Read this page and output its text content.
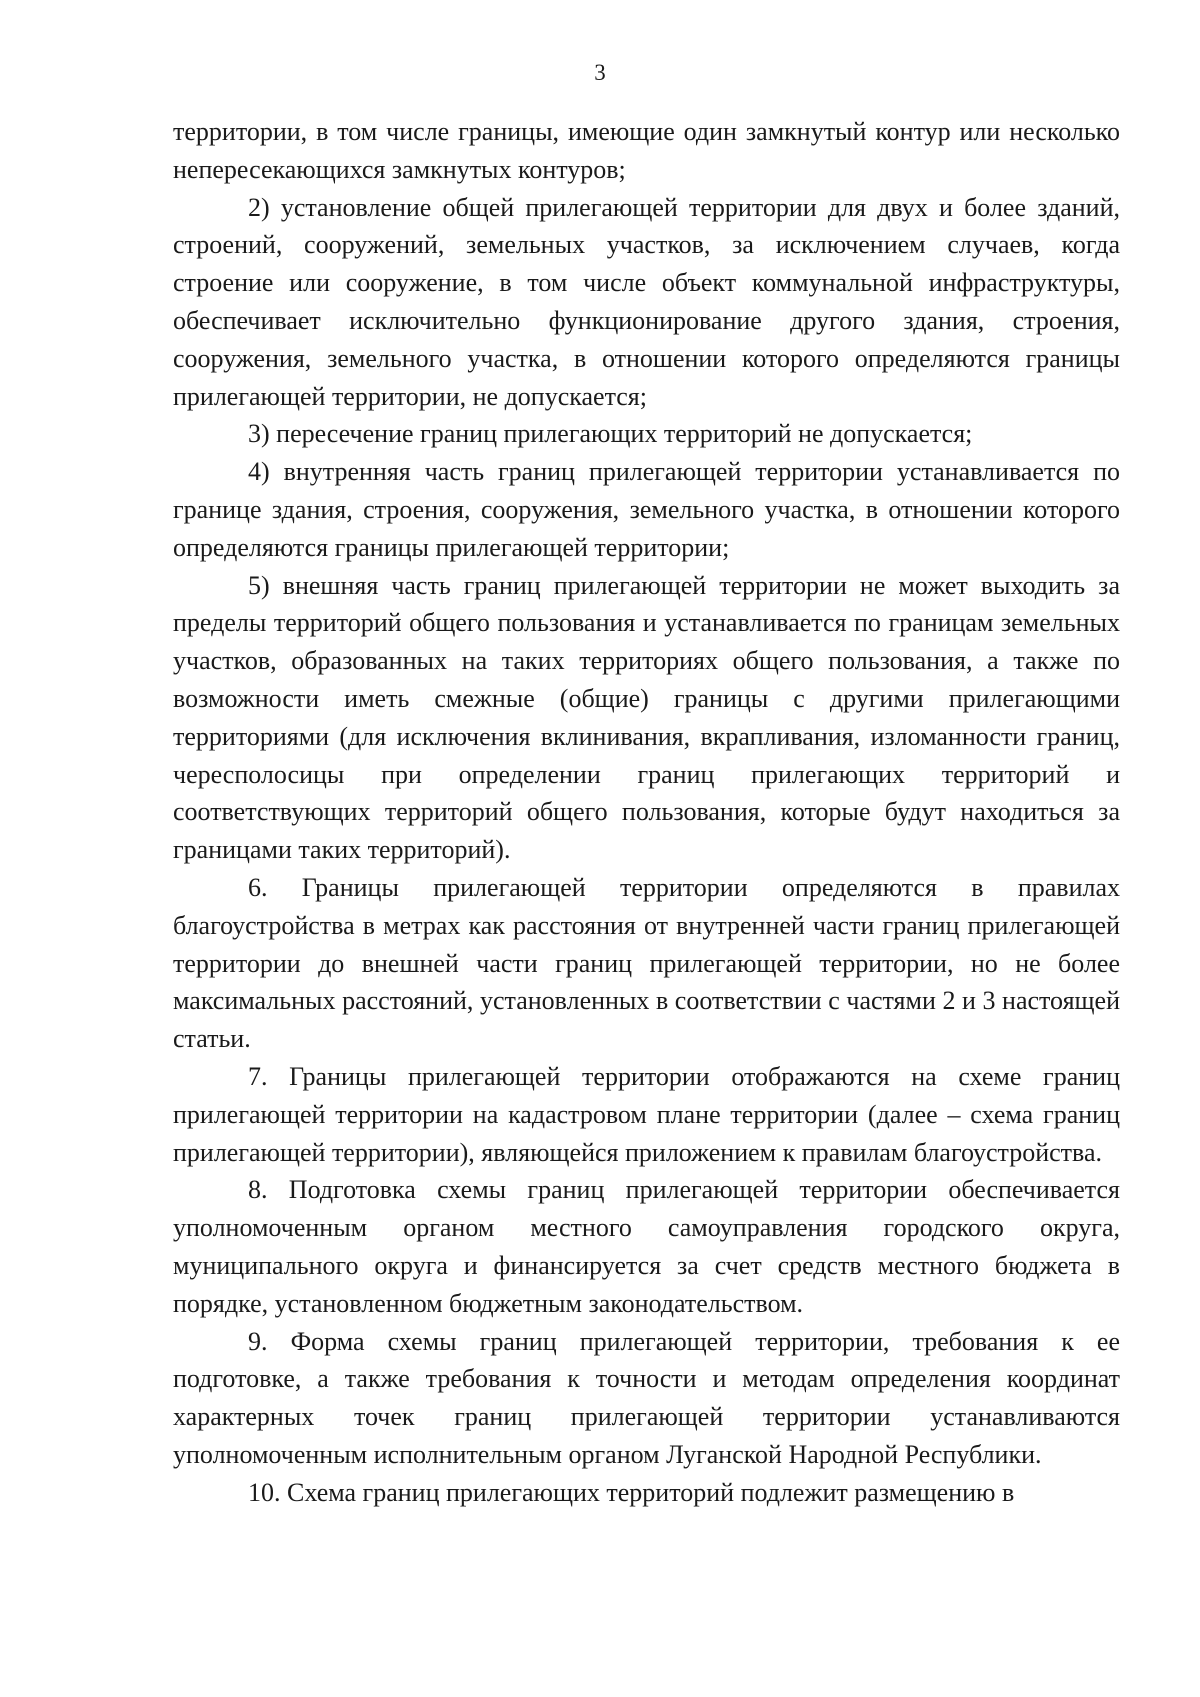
3

территории, в том числе границы, имеющие один замкнутый контур или несколько непересекающихся замкнутых контуров;

2) установление общей прилегающей территории для двух и более зданий, строений, сооружений, земельных участков, за исключением случаев, когда строение или сооружение, в том числе объект коммунальной инфраструктуры, обеспечивает исключительно функционирование другого здания, строения, сооружения, земельного участка, в отношении которого определяются границы прилегающей территории, не допускается;

3) пересечение границ прилегающих территорий не допускается;

4) внутренняя часть границ прилегающей территории устанавливается по границе здания, строения, сооружения, земельного участка, в отношении которого определяются границы прилегающей территории;

5) внешняя часть границ прилегающей территории не может выходить за пределы территорий общего пользования и устанавливается по границам земельных участков, образованных на таких территориях общего пользования, а также по возможности иметь смежные (общие) границы с другими прилегающими территориями (для исключения вклинивания, вкрапливания, изломанности границ, чересполосицы при определении границ прилегающих территорий и соответствующих территорий общего пользования, которые будут находиться за границами таких территорий).

6. Границы прилегающей территории определяются в правилах благоустройства в метрах как расстояния от внутренней части границ прилегающей территории до внешней части границ прилегающей территории, но не более максимальных расстояний, установленных в соответствии с частями 2 и 3 настоящей статьи.

7. Границы прилегающей территории отображаются на схеме границ прилегающей территории на кадастровом плане территории (далее – схема границ прилегающей территории), являющейся приложением к правилам благоустройства.

8. Подготовка схемы границ прилегающей территории обеспечивается уполномоченным органом местного самоуправления городского округа, муниципального округа и финансируется за счет средств местного бюджета в порядке, установленном бюджетным законодательством.

9. Форма схемы границ прилегающей территории, требования к ее подготовке, а также требования к точности и методам определения координат характерных точек границ прилегающей территории устанавливаются уполномоченным исполнительным органом Луганской Народной Республики.

10. Схема границ прилегающих территорий подлежит размещению в
